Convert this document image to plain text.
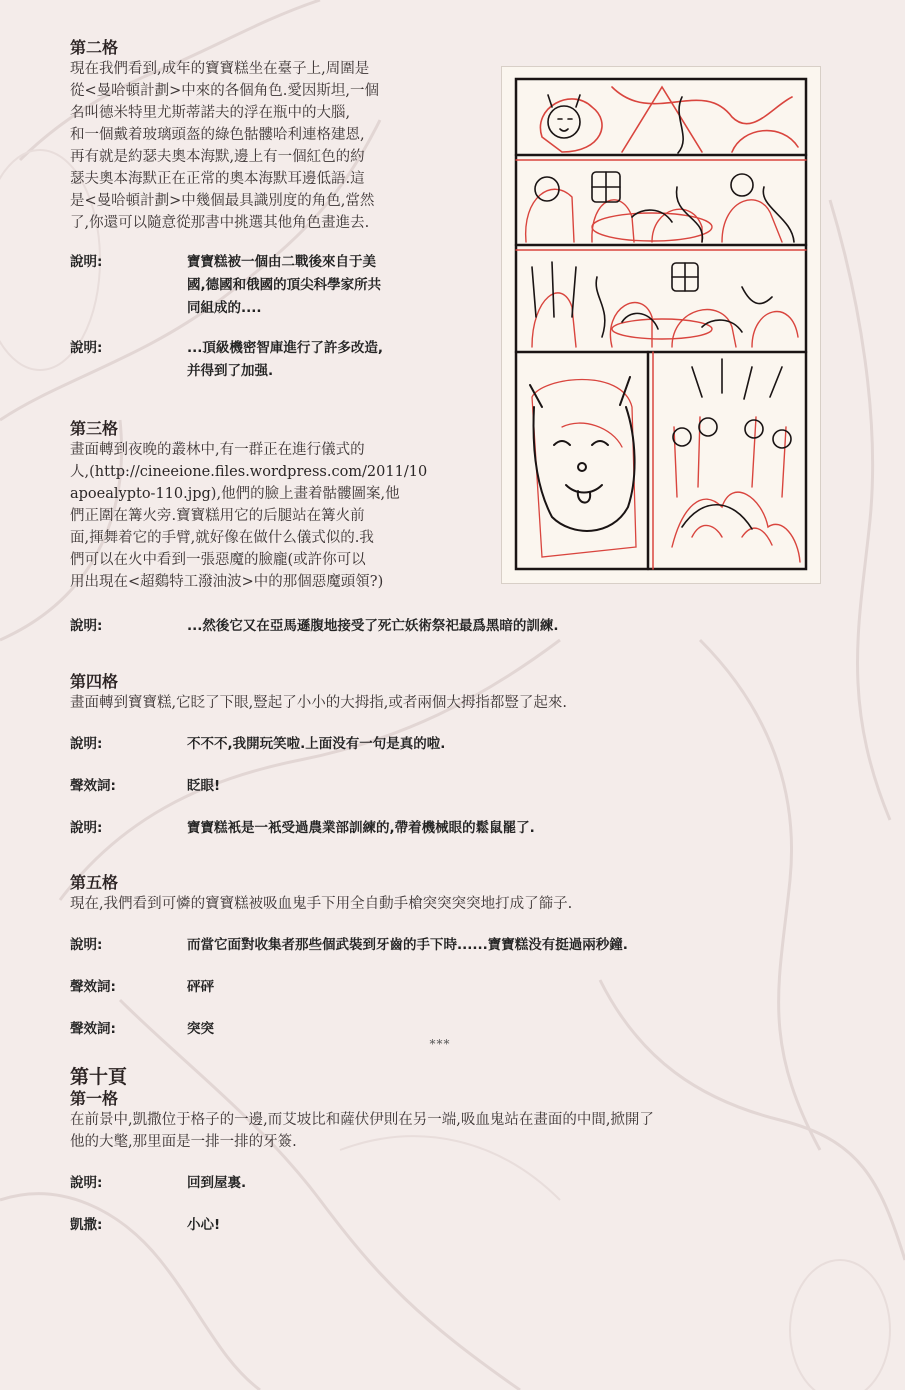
第二格
現在我們看到,成年的寶寶糕坐在臺子上,周圍是
從<曼哈頓計劃>中來的各個角色.愛因斯坦,一個
名叫德米特里尤斯蒂諾夫的浮在瓶中的大腦,
和一個戴着玻璃頭盔的綠色骷髏哈利連格建恩,
再有就是約瑟夫奧本海默,邊上有一個紅色的約
瑟夫奧本海默正在正常的奧本海默耳邊低語.這
是<曼哈頓計劃>中幾個最具識別度的角色,當然
了,你還可以隨意從那書中挑選其他角色畫進去.
說明:	寶寶糕被一個由二戰後來自于美
國,德國和俄國的頂尖科學家所共
同組成的....
說明:	...頂級機密智庫進行了許多改造,
并得到了加强.
第三格
畫面轉到夜晚的叢林中,有一群正在進行儀式的
人,(http://cineeione.files.wordpress.com/2011/10
apoealypto-110.jpg),他們的臉上畫着骷髏圖案,他
們正圍在篝火旁.寶寶糕用它的后腿站在篝火前
面,揮舞着它的手臂,就好像在做什么儀式似的.我
們可以在火中看到一張惡魔的臉龐(或許你可以
用出現在<超鷄特工潑油波>中的那個惡魔頭領?)
說明:	...然後它又在亞馬遜腹地接受了死亡妖術祭祀最爲黑暗的訓練.
第四格
畫面轉到寶寶糕,它眨了下眼,豎起了小小的大拇指,或者兩個大拇指都豎了起來.
說明:	不不不,我開玩笑啦.上面没有一句是真的啦.
聲效詞:	眨眼!
說明:	寶寶糕衹是一衹受過農業部訓練的,帶着機械眼的鬆鼠罷了.
第五格
現在,我們看到可憐的寶寶糕被吸血鬼手下用全自動手槍突突突突地打成了篩子.
說明:	而當它面對收集者那些個武裝到牙齒的手下時......寶寶糕没有挺過兩秒鐘.
聲效詞:	砰砰
聲效詞:	突突
***
第十頁
第一格
在前景中,凱撒位于格子的一邊,而艾坡比和薩伏伊則在另一端,吸血鬼站在畫面的中間,掀開了
他的大氅,那里面是一排一排的牙簽.
說明:	回到屋裏.
凱撒:	小心!
